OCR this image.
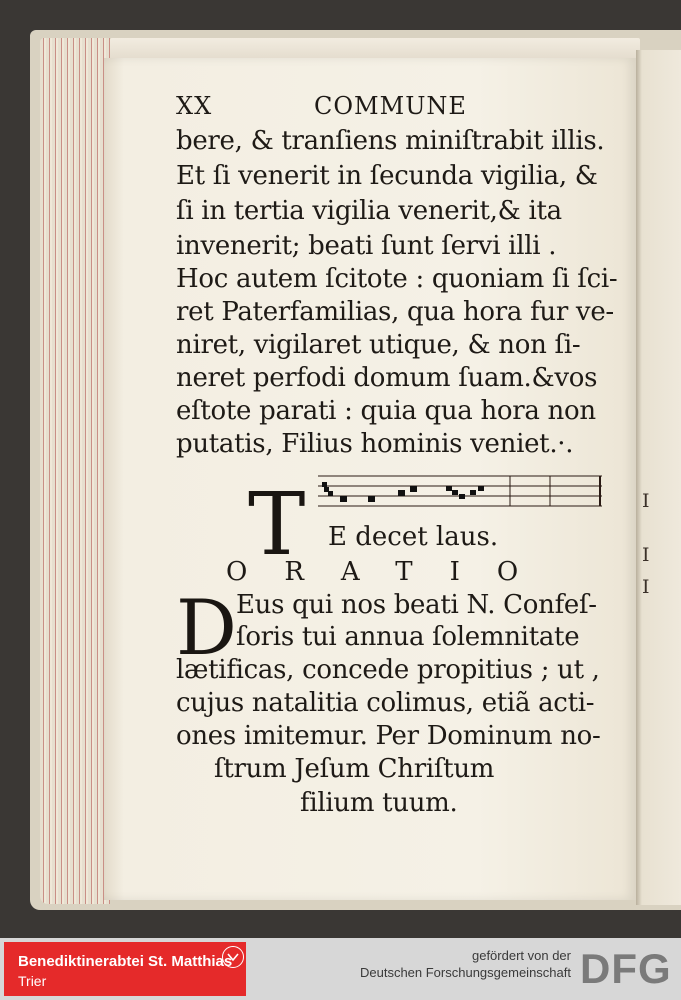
I
I
I
XX	COMMUNE
bere, & tranſiens miniſtrabit illis.
Et ſi venerit in ſecunda vigilia, &
ſi in tertia vigilia venerit,& ita
invenerit; beati ſunt ſervi illi .
Hoc autem ſcitote : quoniam ſi ſci-
ret Paterfamilias, qua hora fur ve-
niret, vigilaret utique, & non ſi-
neret perfodi domum ſuam.&vos
eſtote parati : quia qua hora non
putatis, Filius hominis veniet.·.
T E decet laus.
ORATIO
D Eus qui nos beati N. Confeſ-
ſoris tui annua ſolemnitate
lætificas, concede propitius ; ut ,
cujus natalitia colimus, etiã acti-
ones imitemur. Per Dominum no-
ſtrum Jeſum Chriſtum
filium tuum.
Benediktinerabtei St. Matthias
Trier
gefördert von der
Deutschen Forschungsgemeinschaft DFG
